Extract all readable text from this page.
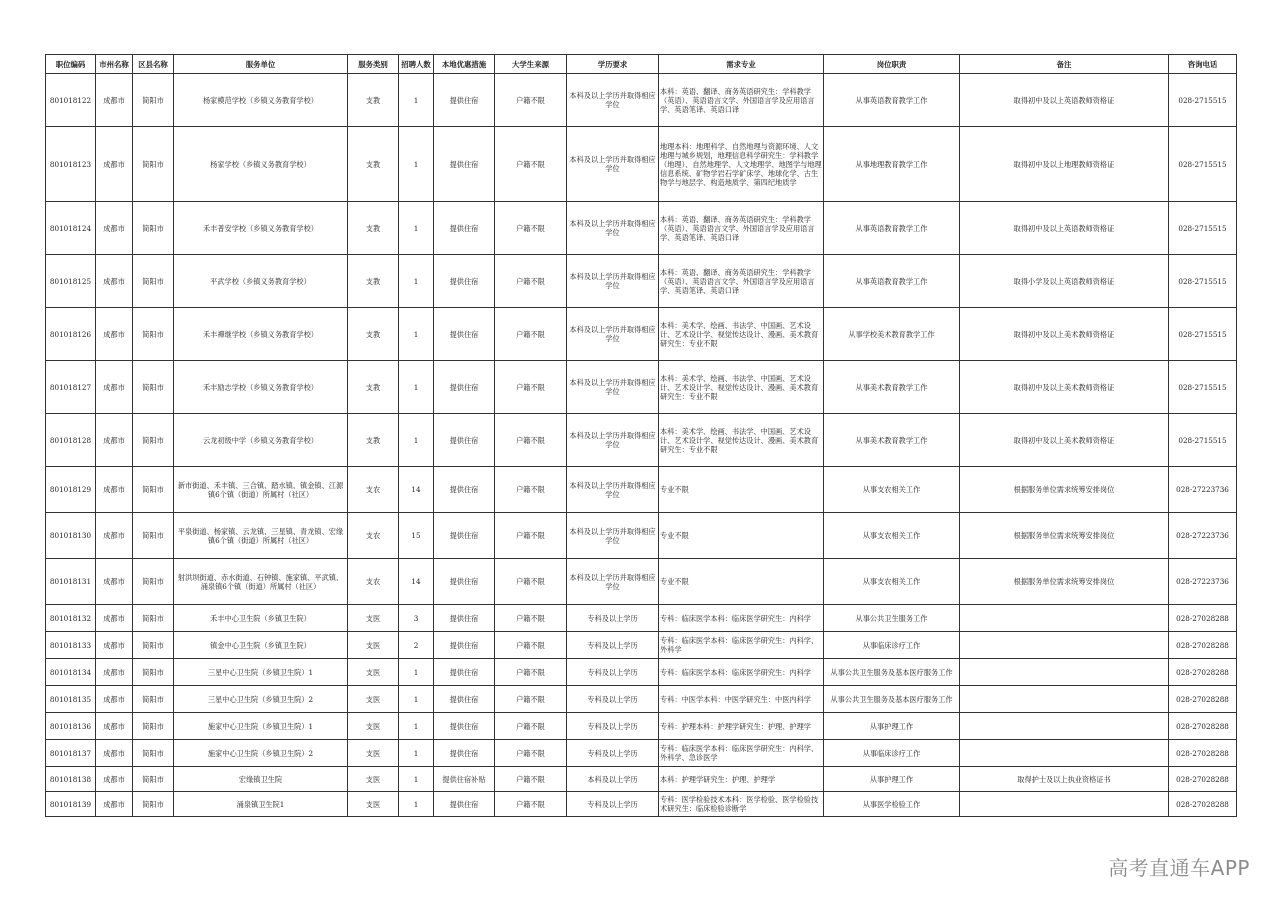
职位编码	市州名称	区县名称	服务单位	服务类别	招聘人数	本地优惠措施	大学生来源	学历要求	需求专业	岗位职责	备注	咨询电话
801018122	成都市	简阳市	杨家模范学校（乡镇义务教育学校）	支教	1	提供住宿	户籍不限	本科及以上学历并取得相应学位	本科：英语、翻译、商务英语研究生：学科教学（英语）、英语语言文学、外国语言学及应用语言学、英语笔译、英语口译	从事英语教育教学工作	取得初中及以上英语教师资格证	028-2715515
801018123	成都市	简阳市	杨家学校（乡镇义务教育学校）	支教	1	提供住宿	户籍不限	本科及以上学历并取得相应学位	地理本科：地理科学、自然地理与资源环境、人文地理与城乡规划，地理信息科学研究生：学科教学（地理）、自然地理学、人文地理学、地图学与地理信息系统、矿物学岩石学矿床学、地球化学、古生物学与地层学、构造地质学、第四纪地质学	从事地理教育教学工作	取得初中及以上地理教师资格证	028-2715515
801018124	成都市	简阳市	禾丰普安学校（乡镇义务教育学校）	支教	1	提供住宿	户籍不限	本科及以上学历并取得相应学位	本科：英语、翻译、商务英语研究生：学科教学（英语）、英语语言文学、外国语言学及应用语言学、英语笔译、英语口译	从事英语教育教学工作	取得初中及以上英语教师资格证	028-2715515
801018125	成都市	简阳市	平武学校（乡镇义务教育学校）	支教	1	提供住宿	户籍不限	本科及以上学历并取得相应学位	本科：英语、翻译、商务英语研究生：学科教学（英语）、英语语言文学、外国语言学及应用语言学、英语笔译、英语口译	从事英语教育教学工作	取得小学及以上英语教师资格证	028-2715515
801018126	成都市	简阳市	禾丰禪继学校（乡镇义务教育学校）	支教	1	提供住宿	户籍不限	本科及以上学历并取得相应学位	本科：美术学、绘画、书法学、中国画、艺术设计、艺术设计学、视觉传达设计、漫画、美术教育研究生：专业不限	从事学校美术教育教学工作	取得初中及以上美术教师资格证	028-2715515
801018127	成都市	简阳市	禾丰励志学校（乡镇义务教育学校）	支教	1	提供住宿	户籍不限	本科及以上学历并取得相应学位	本科：美术学、绘画、书法学、中国画、艺术设计、艺术设计学、视觉传达设计、漫画、美术教育研究生：专业不限	从事美术教育教学工作	取得初中及以上美术教师资格证	028-2715515
801018128	成都市	简阳市	云龙初级中学（乡镇义务教育学校）	支教	1	提供住宿	户籍不限	本科及以上学历并取得相应学位	本科：美术学、绘画、书法学、中国画、艺术设计、艺术设计学、视觉传达设计、漫画、美术教育研究生：专业不限	从事美术教育教学工作	取得初中及以上美术教师资格证	028-2715515
801018129	成都市	简阳市	新市街道、禾丰镇、三合镇、踏水镇、镇金镇、江源镇6个镇（街道）所属村（社区）	支农	14	提供住宿	户籍不限	本科及以上学历并取得相应学位	专业不限	从事支农相关工作	根据服务单位需求统筹安排岗位	028-27223736
801018130	成都市	简阳市	平泉街道、杨家镇、云龙镇、三星镇、青龙镇、宏缘镇6个镇（街道）所属村（社区）	支农	15	提供住宿	户籍不限	本科及以上学历并取得相应学位	专业不限	从事支农相关工作	根据服务单位需求统筹安排岗位	028-27223736
801018131	成都市	简阳市	射洪坝街道、赤水街道、石钟镇、施家镇、平武镇、涌泉镇6个镇（街道）所属村（社区）	支农	14	提供住宿	户籍不限	本科及以上学历并取得相应学位	专业不限	从事支农相关工作	根据服务单位需求统筹安排岗位	028-27223736
801018132	成都市	简阳市	禾丰中心卫生院（乡镇卫生院）	支医	3	提供住宿	户籍不限	专科及以上学历	专科：临床医学本科：临床医学研究生：内科学	从事公共卫生服务工作		028-27028288
801018133	成都市	简阳市	镇金中心卫生院（乡镇卫生院）	支医	2	提供住宿	户籍不限	专科及以上学历	专科：临床医学本科：临床医学研究生：内科学、外科学	从事临床诊疗工作		028-27028288
801018134	成都市	简阳市	三星中心卫生院（乡镇卫生院）1	支医	1	提供住宿	户籍不限	专科及以上学历	专科：临床医学本科：临床医学研究生：内科学	从事公共卫生服务及基本医疗服务工作		028-27028288
801018135	成都市	简阳市	三星中心卫生院（乡镇卫生院）2	支医	1	提供住宿	户籍不限	专科及以上学历	专科：中医学本科：中医学研究生：中医内科学	从事公共卫生服务及基本医疗服务工作		028-27028288
801018136	成都市	简阳市	施家中心卫生院（乡镇卫生院）1	支医	1	提供住宿	户籍不限	专科及以上学历	专科：护理本科：护理学研究生：护理、护理学	从事护理工作		028-27028288
801018137	成都市	简阳市	施家中心卫生院（乡镇卫生院）2	支医	1	提供住宿	户籍不限	专科及以上学历	专科：临床医学本科：临床医学研究生：内科学、外科学、急诊医学	从事临床诊疗工作		028-27028288
801018138	成都市	简阳市	宏缘镇卫生院	支医	1	提供住宿补贴	户籍不限	本科及以上学历	本科：护理学研究生：护理、护理学	从事护理工作	取得护士及以上执业资格证书	028-27028288
801018139	成都市	简阳市	涌泉镇卫生院1	支医	1	提供住宿	户籍不限	专科及以上学历	专科：医学检验技术本科：医学检验、医学检验技术研究生：临床检验诊断学	从事医学检验工作		028-27028288
高考直通车APP
